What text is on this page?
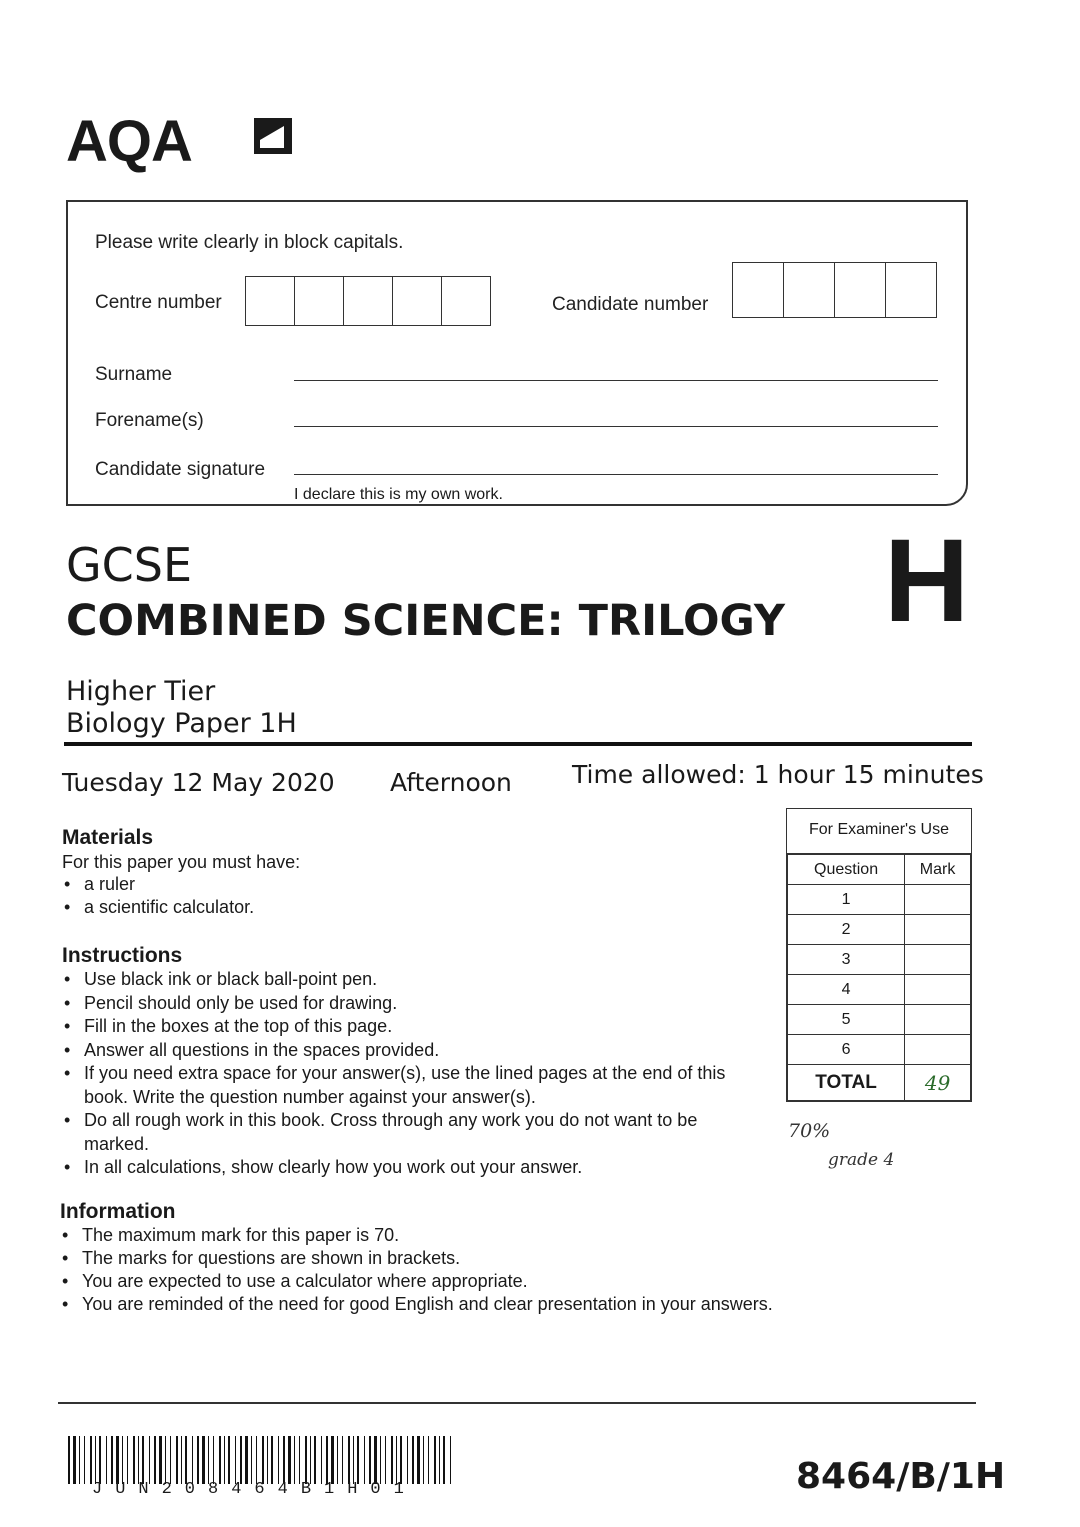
AQA
Please write clearly in block capitals.
Centre number	Candidate number
Surname
Forename(s)
Candidate signature
I declare this is my own work.
GCSE
COMBINED SCIENCE: TRILOGY H
Higher Tier
Biology Paper 1H
Tuesday 12 May 2020 Afternoon Time allowed: 1 hour 15 minutes
Materials
For this paper you must have:
• a ruler
• a scientific calculator.
Instructions
• Use black ink or black ball-point pen.
• Pencil should only be used for drawing.
• Fill in the boxes at the top of this page.
• Answer all questions in the spaces provided.
• If you need extra space for your answer(s), use the lined pages at the end of this book. Write the question number against your answer(s).
• Do all rough work in this book. Cross through any work you do not want to be marked.
• In all calculations, show clearly how you work out your answer.
Information
• The maximum mark for this paper is 70.
• The marks for questions are shown in brackets.
• You are expected to use a calculator where appropriate.
• You are reminded of the need for good English and clear presentation in your answers.
For Examiner's Use
Question	Mark
1	
2	
3	
4	
5	
6	
TOTAL	49
70%
grade 4
JUN208464B1H01	8464/B/1H
